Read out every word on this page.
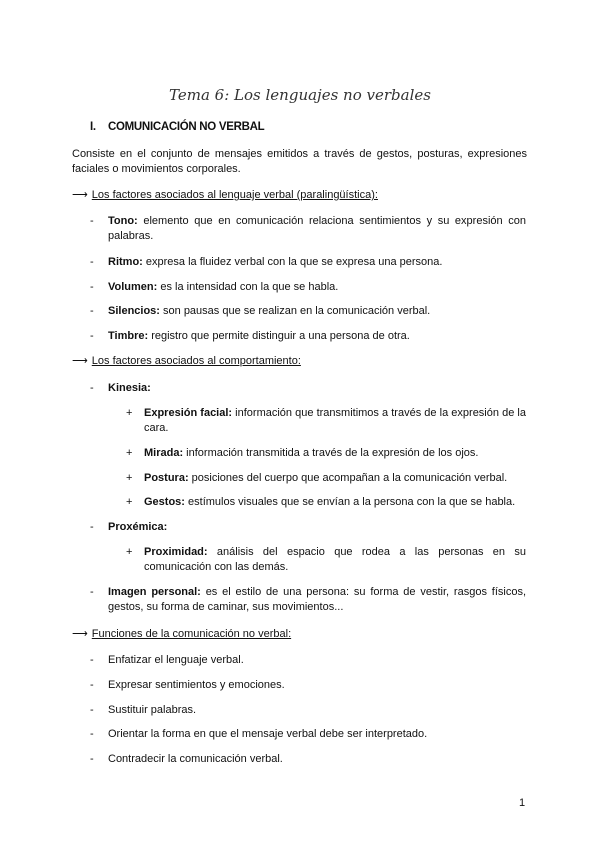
Tema 6: Los lenguajes no verbales
I. COMUNICACIÓN NO VERBAL
Consiste en el conjunto de mensajes emitidos a través de gestos, posturas, expresiones faciales o movimientos corporales.
⟶ Los factores asociados al lenguaje verbal (paralingüística):
- Tono: elemento que en comunicación relaciona sentimientos y su expresión con palabras.
- Ritmo: expresa la fluidez verbal con la que se expresa una persona.
- Volumen: es la intensidad con la que se habla.
- Silencios: son pausas que se realizan en la comunicación verbal.
- Timbre: registro que permite distinguir a una persona de otra.
⟶ Los factores asociados al comportamiento:
- Kinesia:
+ Expresión facial: información que transmitimos a través de la expresión de la cara.
+ Mirada: información transmitida a través de la expresión de los ojos.
+ Postura: posiciones del cuerpo que acompañan a la comunicación verbal.
+ Gestos: estímulos visuales que se envían a la persona con la que se habla.
- Proxémica:
+ Proximidad: análisis del espacio que rodea a las personas en su comunicación con las demás.
- Imagen personal: es el estilo de una persona: su forma de vestir, rasgos físicos, gestos, su forma de caminar, sus movimientos...
⟶ Funciones de la comunicación no verbal:
- Enfatizar el lenguaje verbal.
- Expresar sentimientos y emociones.
- Sustituir palabras.
- Orientar la forma en que el mensaje verbal debe ser interpretado.
- Contradecir la comunicación verbal.
1
